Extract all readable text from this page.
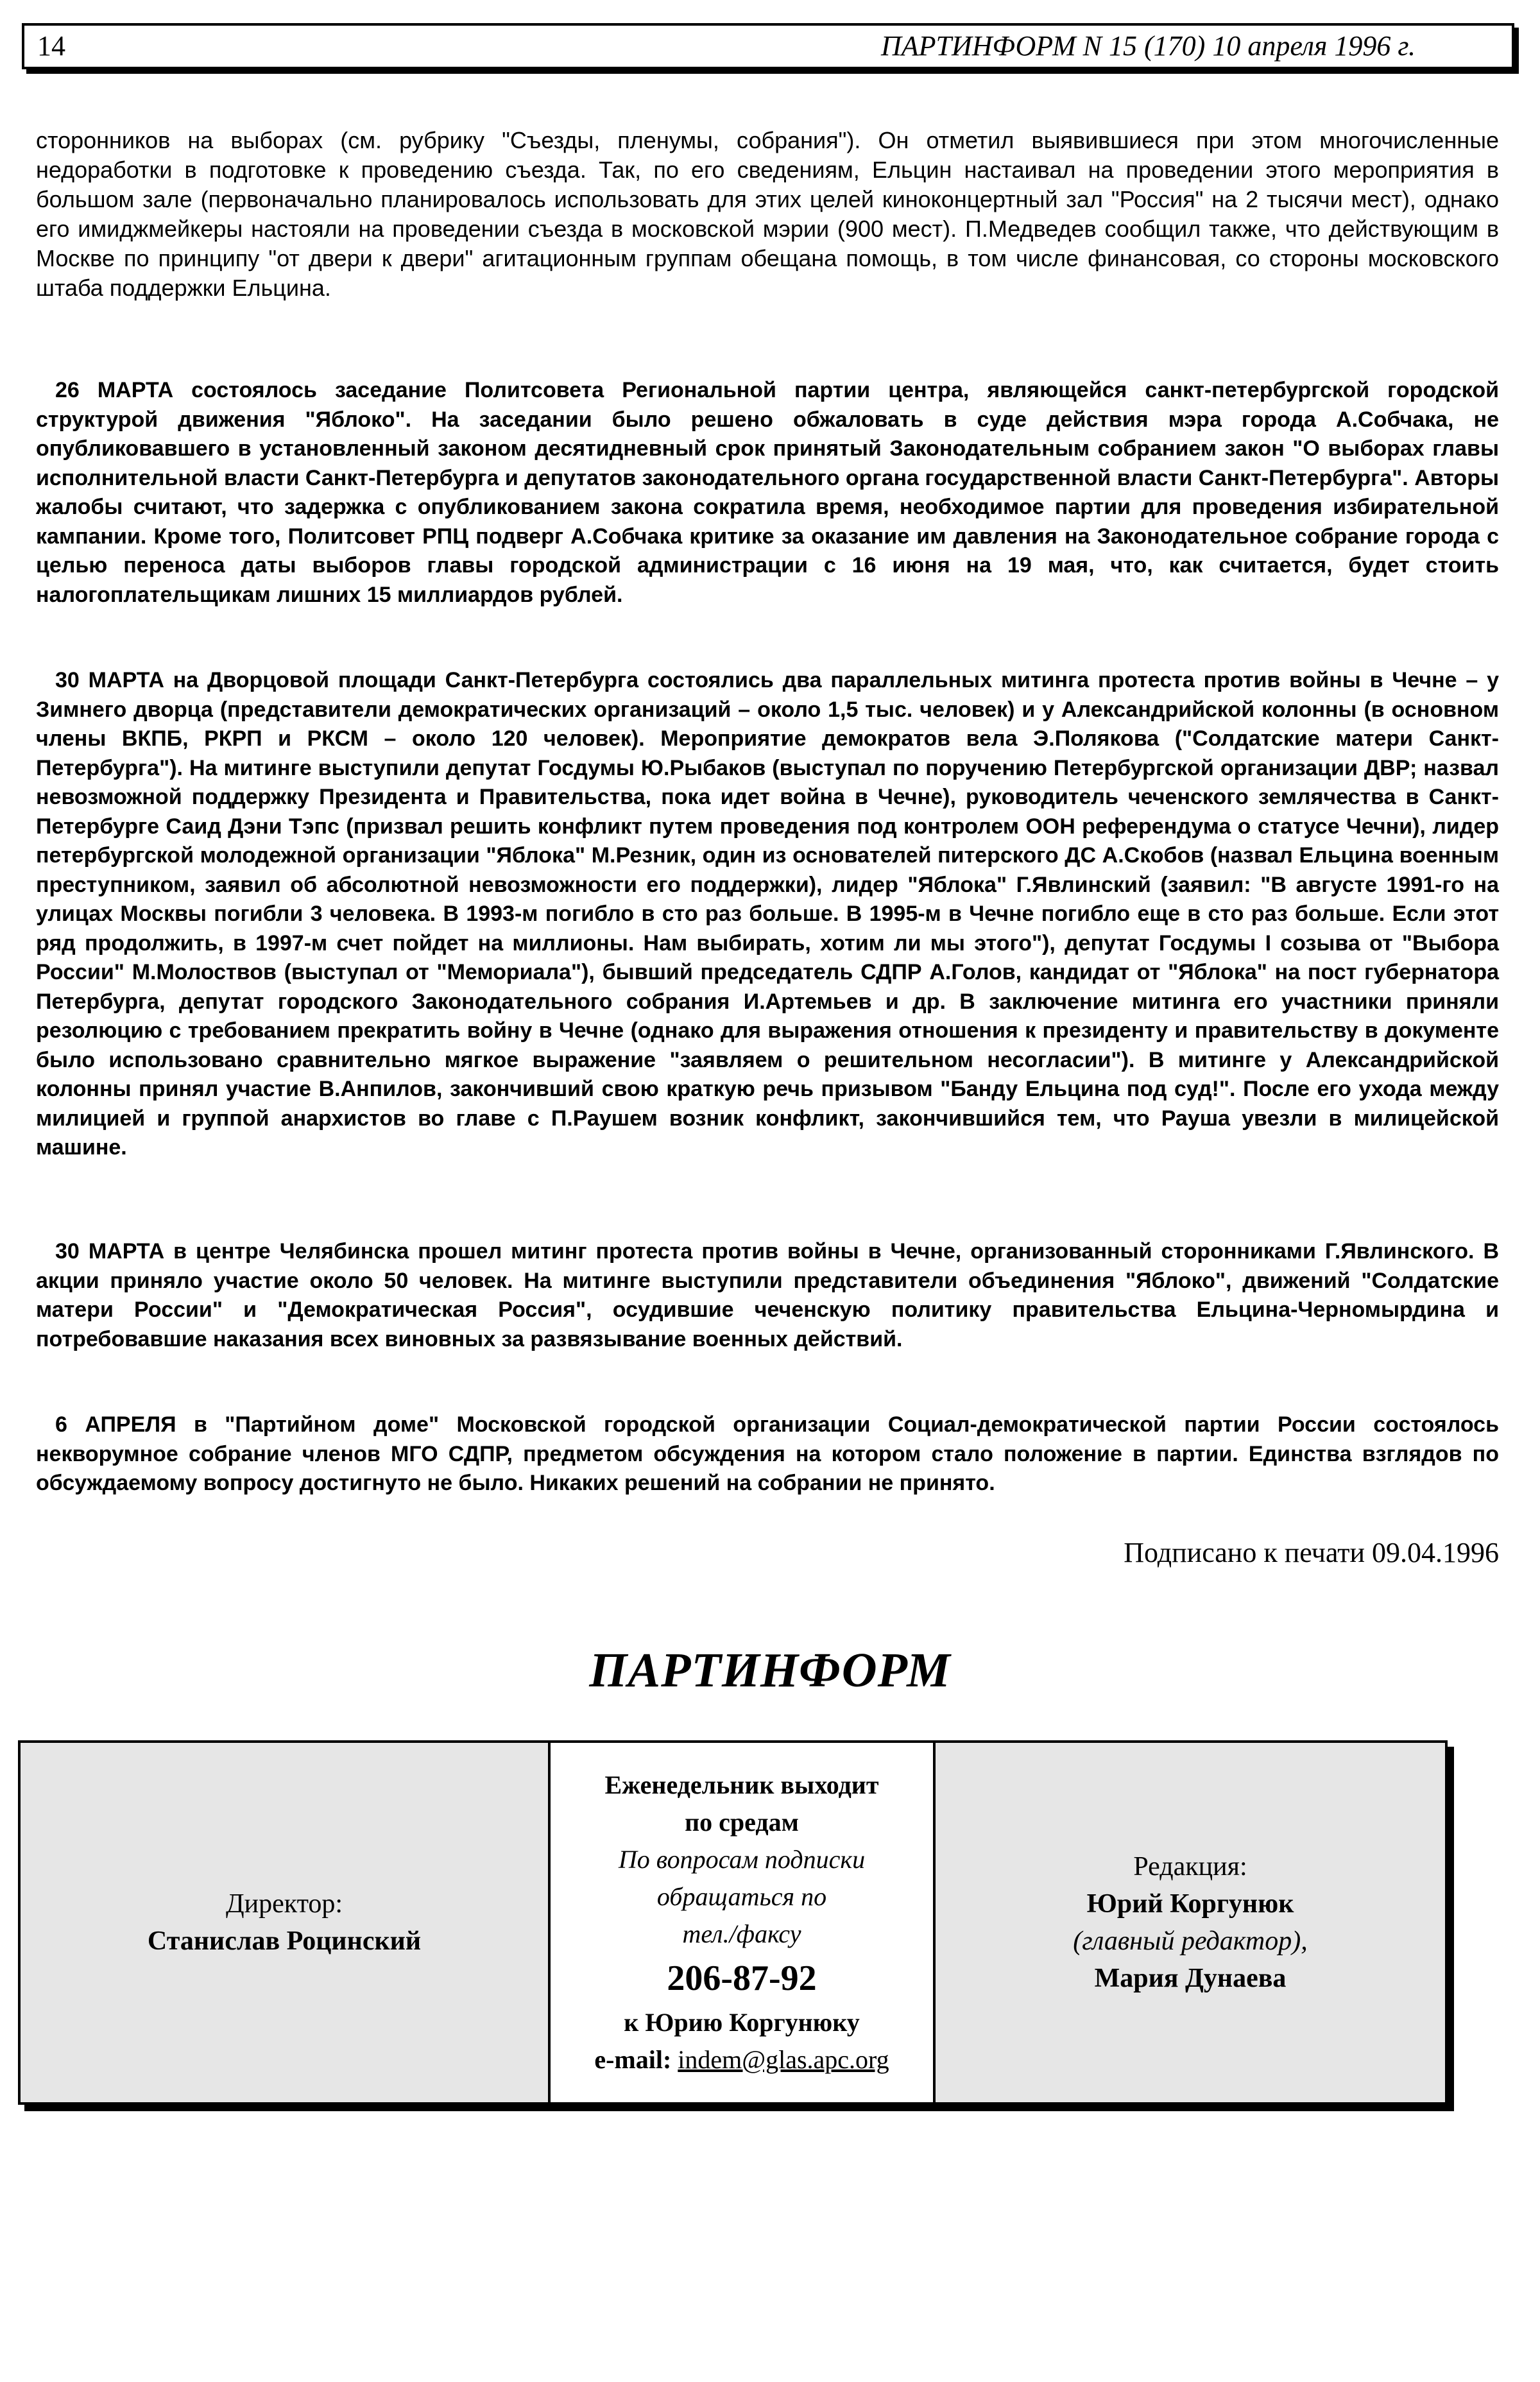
14	ПАРТИНФОРМ N 15 (170) 10 апреля 1996 г.
сторонников на выборах (см. рубрику "Съезды, пленумы, собрания"). Он отметил выявившиеся при этом многочисленные недоработки в подготовке к проведению съезда. Так, по его сведениям, Ельцин настаивал на проведении этого мероприятия в большом зале (первоначально планировалось использовать для этих целей киноконцертный зал "Россия" на 2 тысячи мест), однако его имиджмейкеры настояли на проведении съезда в московской мэрии (900 мест). П.Медведев сообщил также, что действующим в Москве по принципу "от двери к двери" агитационным группам обещана помощь, в том числе финансовая, со стороны московского штаба поддержки Ельцина.
26 МАРТА состоялось заседание Политсовета Региональной партии центра, являющейся санкт-петербургской городской структурой движения "Яблоко". На заседании было решено обжаловать в суде действия мэра города А.Собчака, не опубликовавшего в установленный законом десятидневный срок принятый Законодательным собранием закон "О выборах главы исполнительной власти Санкт-Петербурга и депутатов законодательного органа государственной власти Санкт-Петербурга". Авторы жалобы считают, что задержка с опубликованием закона сократила время, необходимое партии для проведения избирательной кампании. Кроме того, Политсовет РПЦ подверг А.Собчака критике за оказание им давления на Законодательное собрание города с целью переноса даты выборов главы городской администрации с 16 июня на 19 мая, что, как считается, будет стоить налогоплательщикам лишних 15 миллиардов рублей.
30 МАРТА на Дворцовой площади Санкт-Петербурга состоялись два параллельных митинга протеста против войны в Чечне – у Зимнего дворца (представители демократических организаций – около 1,5 тыс. человек) и у Александрийской колонны (в основном члены ВКПБ, РКРП и РКСМ – около 120 человек). Мероприятие демократов вела Э.Полякова ("Солдатские матери Санкт-Петербурга"). На митинге выступили депутат Госдумы Ю.Рыбаков (выступал по поручению Петербургской организации ДВР; назвал невозможной поддержку Президента и Правительства, пока идет война в Чечне), руководитель чеченского землячества в Санкт-Петербурге Саид Дэни Тэпс (призвал решить конфликт путем проведения под контролем ООН референдума о статусе Чечни), лидер петербургской молодежной организации "Яблока" М.Резник, один из основателей питерского ДС А.Скобов (назвал Ельцина военным преступником, заявил об абсолютной невозможности его поддержки), лидер "Яблока" Г.Явлинский (заявил: "В августе 1991-го на улицах Москвы погибли 3 человека. В 1993-м погибло в сто раз больше. В 1995-м в Чечне погибло еще в сто раз больше. Если этот ряд продолжить, в 1997-м счет пойдет на миллионы. Нам выбирать, хотим ли мы этого"), депутат Госдумы I созыва от "Выбора России" М.Молоствов (выступал от "Мемориала"), бывший председатель СДПР А.Голов, кандидат от "Яблока" на пост губернатора Петербурга, депутат городского Законодательного собрания И.Артемьев и др. В заключение митинга его участники приняли резолюцию с требованием прекратить войну в Чечне (однако для выражения отношения к президенту и правительству в документе было использовано сравнительно мягкое выражение "заявляем о решительном несогласии"). В митинге у Александрийской колонны принял участие В.Анпилов, закончивший свою краткую речь призывом "Банду Ельцина под суд!". После его ухода между милицией и группой анархистов во главе с П.Раушем возник конфликт, закончившийся тем, что Рауша увезли в милицейской машине.
30 МАРТА в центре Челябинска прошел митинг протеста против войны в Чечне, организованный сторонниками Г.Явлинского. В акции приняло участие около 50 человек. На митинге выступили представители объединения "Яблоко", движений "Солдатские матери России" и "Демократическая Россия", осудившие чеченскую политику правительства Ельцина-Черномырдина и потребовавшие наказания всех виновных за развязывание военных действий.
6 АПРЕЛЯ в "Партийном доме" Московской городской организации Социал-демократической партии России состоялось некворумное собрание членов МГО СДПР, предметом обсуждения на котором стало положение в партии. Единства взглядов по обсуждаемому вопросу достигнуто не было. Никаких решений на собрании не принято.
Подписано к печати 09.04.1996
ПАРТИНФОРМ
Директор:
Станислав Роцинский
Еженедельник выходит
по средам
По вопросам подписки
обращаться по
тел./факсу
206-87-92
к Юрию Коргунюку
e-mail: indem@glas.apc.org
Редакция:
Юрий Коргунюк
(главный редактор),
Мария Дунаева
